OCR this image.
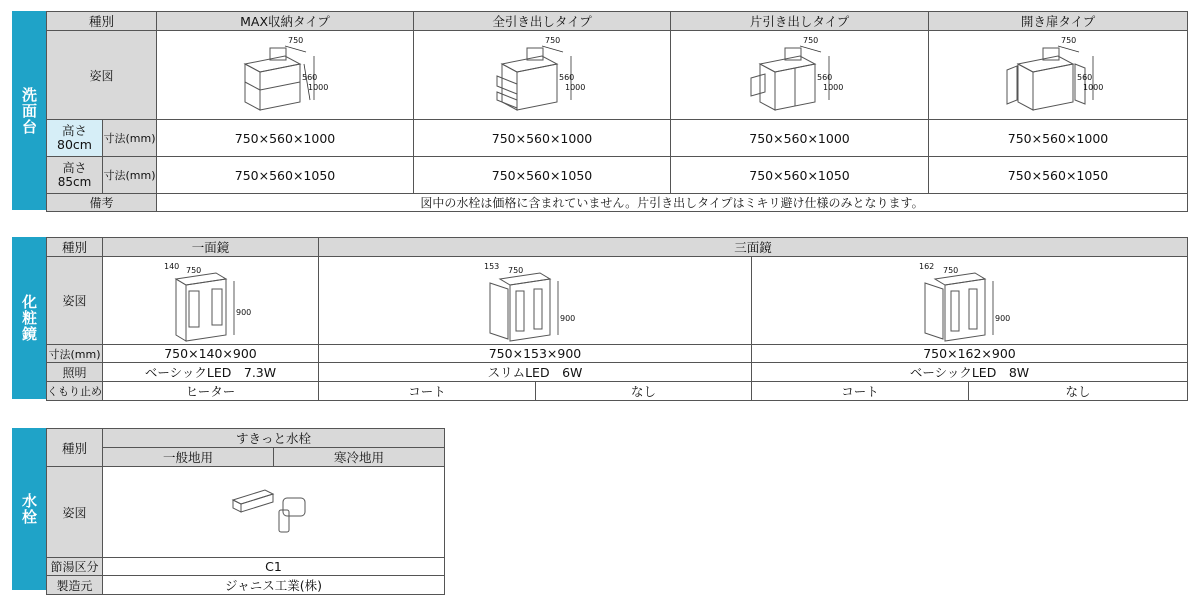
洗面台
種別		MAX収納タイプ	全引き出しタイプ	片引き出しタイプ	開き扉タイプ
姿図		750
560
1000	750
560
1000	750
560
1000	750
560
1000

高さ80cm	寸法(mm)	750×560×1000	750×560×1000	750×560×1000	750×560×1000
高さ85cm	寸法(mm)	750×560×1050	750×560×1050	750×560×1050	750×560×1050
備考		図中の水栓は価格に含まれていません。片引き出しタイプはミキリ避け仕様のみとなります。			
化粧鏡
種別	一面鏡	三面鏡			
姿図	140 750
900	153 750
900		162 750
900	

寸法(mm)	750×140×900	750×153×900		750×162×900	
照明	ベーシックLED　7.3W	スリムLED　6W		ベーシックLED　8W	
くもり止め	ヒーター	コート	なし	コート	なし
水栓
種別	すきっと水栓	
	一般地用	寒冷地用
姿図	

節湯区分	C1	
製造元	ジャニス工業(株)	
